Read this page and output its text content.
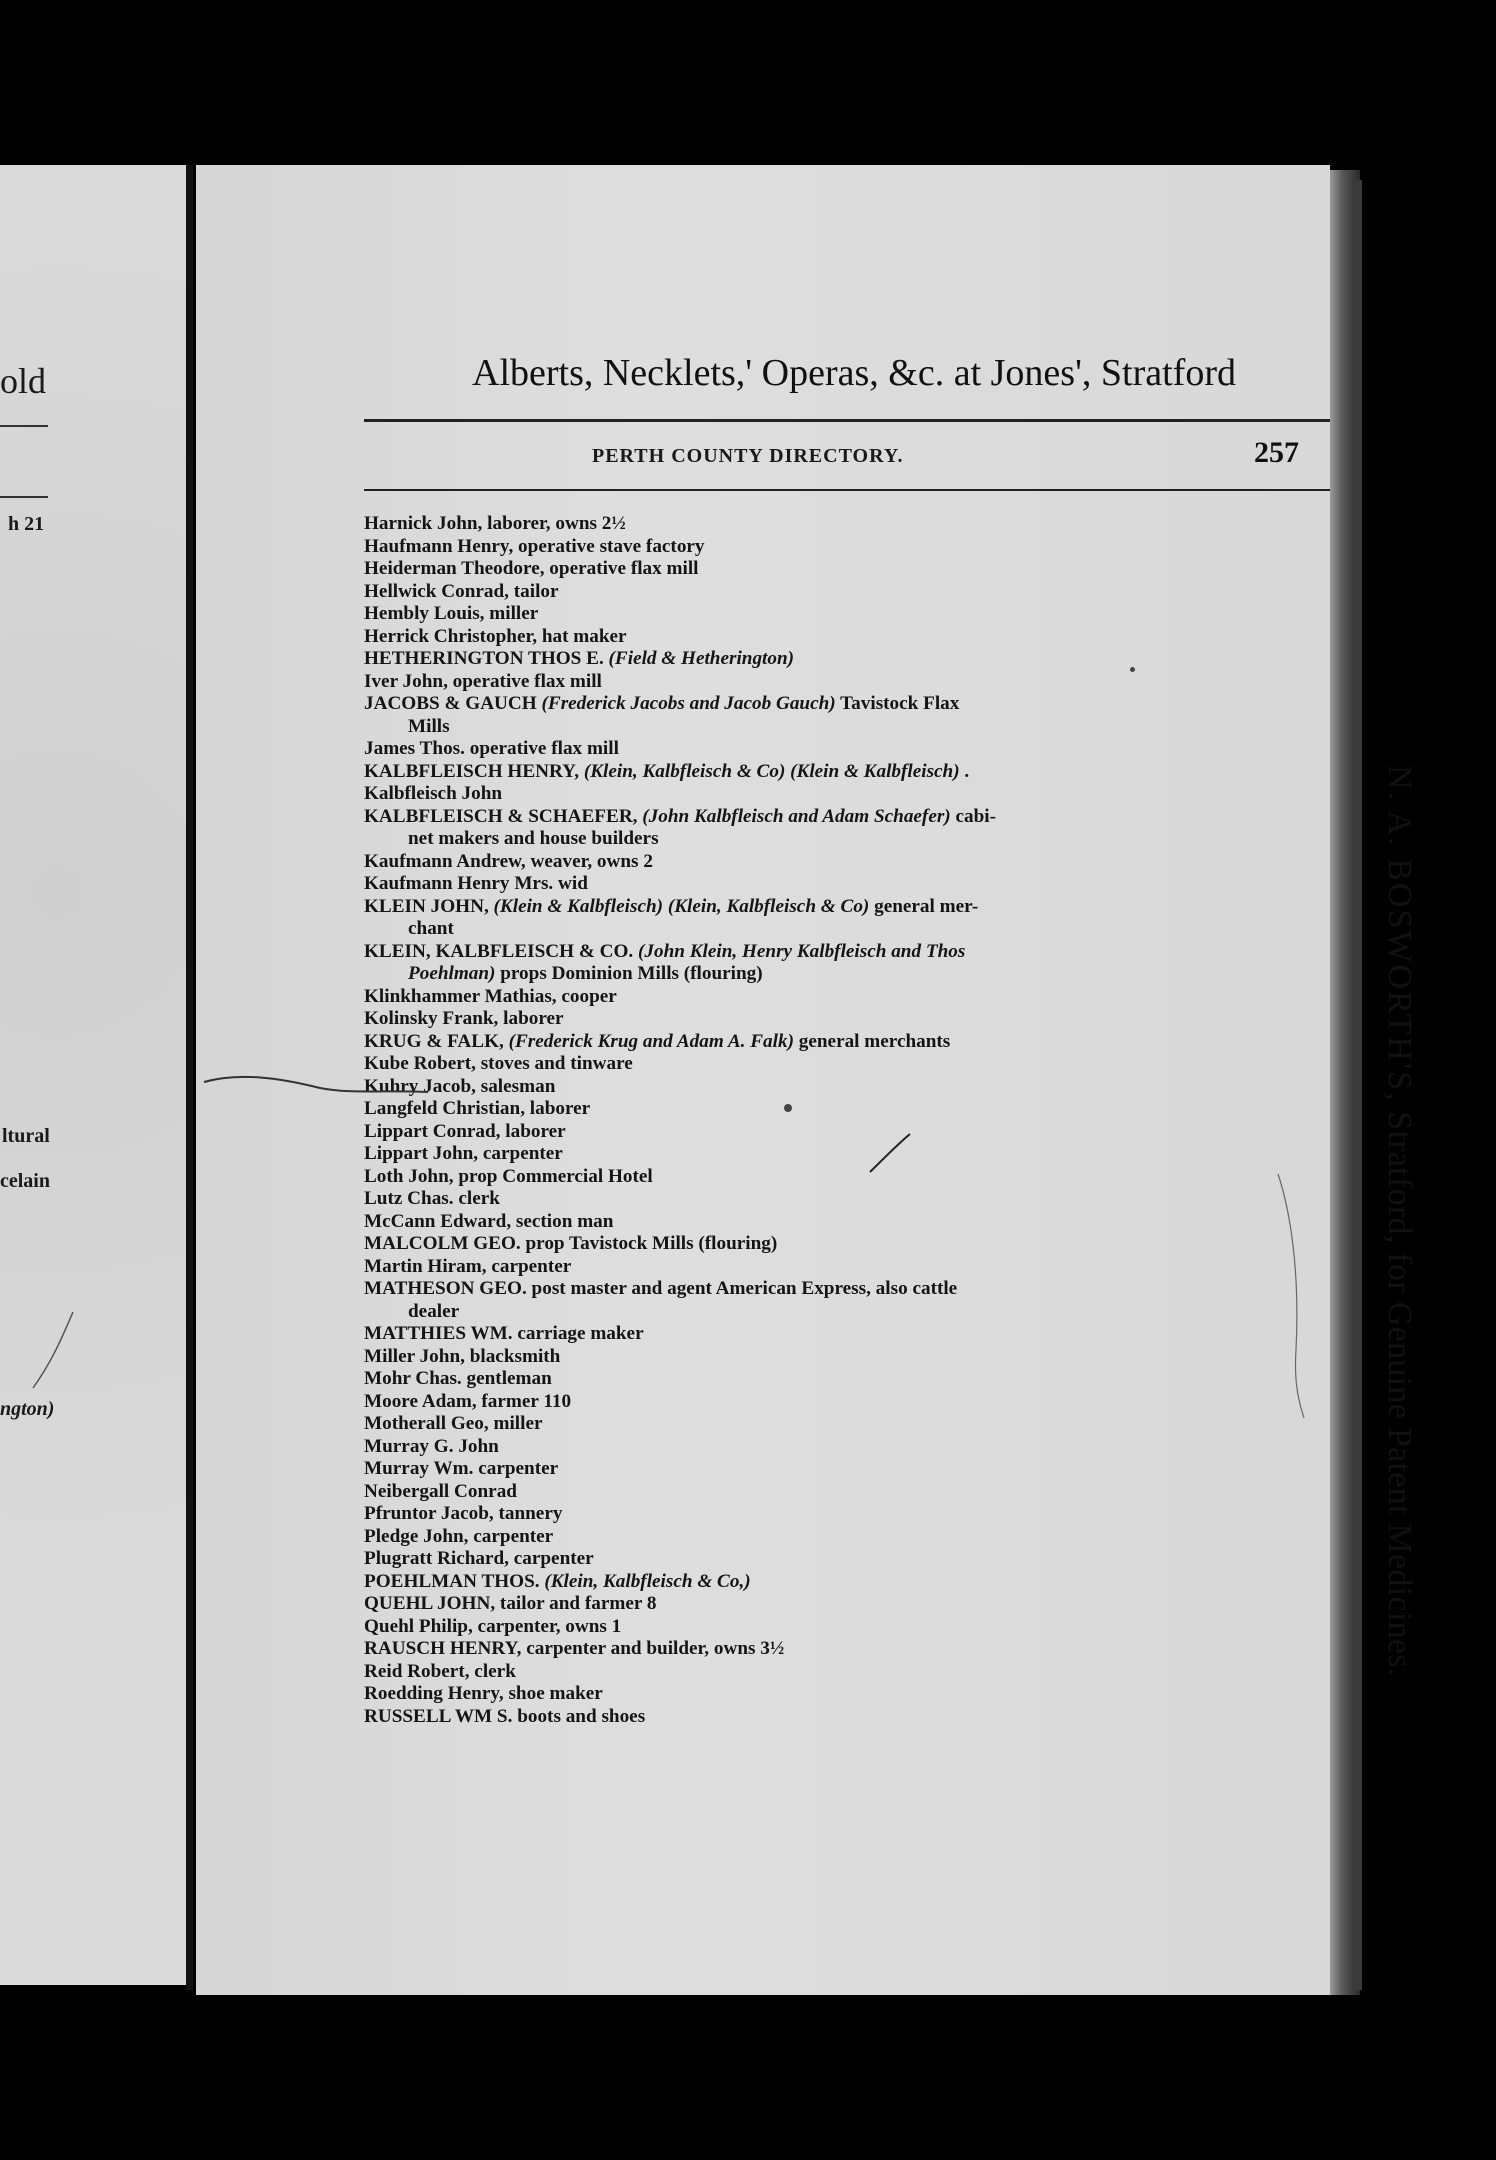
old
h 21
ltural
celain
ngton)
Alberts, Necklets,' Operas, &c. at Jones', Stratford
PERTH COUNTY DIRECTORY.	257
Harnick John, laborer, owns 2½
Haufmann Henry, operative stave factory
Heiderman Theodore, operative flax mill
Hellwick Conrad, tailor
Hembly Louis, miller
Herrick Christopher, hat maker
HETHERINGTON THOS E. (Field & Hetherington)
Iver John, operative flax mill
JACOBS & GAUCH (Frederick Jacobs and Jacob Gauch) Tavistock Flax
Mills
James Thos. operative flax mill
KALBFLEISCH HENRY, (Klein, Kalbfleisch & Co) (Klein & Kalbfleisch) .
Kalbfleisch John
KALBFLEISCH & SCHAEFER, (John Kalbfleisch and Adam Schaefer) cabi-
net makers and house builders
Kaufmann Andrew, weaver, owns 2
Kaufmann Henry Mrs. wid
KLEIN JOHN, (Klein & Kalbfleisch) (Klein, Kalbfleisch & Co) general mer-
chant
KLEIN, KALBFLEISCH & CO. (John Klein, Henry Kalbfleisch and Thos
Poehlman) props Dominion Mills (flouring)
Klinkhammer Mathias, cooper
Kolinsky Frank, laborer
KRUG & FALK, (Frederick Krug and Adam A. Falk) general merchants
Kube Robert, stoves and tinware
Kuhry Jacob, salesman
Langfeld Christian, laborer
Lippart Conrad, laborer
Lippart John, carpenter
Loth John, prop Commercial Hotel
Lutz Chas. clerk
McCann Edward, section man
MALCOLM GEO. prop Tavistock Mills (flouring)
Martin Hiram, carpenter
MATHESON GEO. post master and agent American Express, also cattle
dealer
MATTHIES WM. carriage maker
Miller John, blacksmith
Mohr Chas. gentleman
Moore Adam, farmer 110
Motherall Geo, miller
Murray G. John
Murray Wm. carpenter
Neibergall Conrad
Pfruntor Jacob, tannery
Pledge John, carpenter
Plugratt Richard, carpenter
POEHLMAN THOS. (Klein, Kalbfleisch & Co,)
QUEHL JOHN, tailor and farmer 8
Quehl Philip, carpenter, owns 1
RAUSCH HENRY, carpenter and builder, owns 3½
Reid Robert, clerk
Roedding Henry, shoe maker
RUSSELL WM S. boots and shoes
N. A. BOSWORTH'S, Stratford, for Genuine Patent Medicines.
